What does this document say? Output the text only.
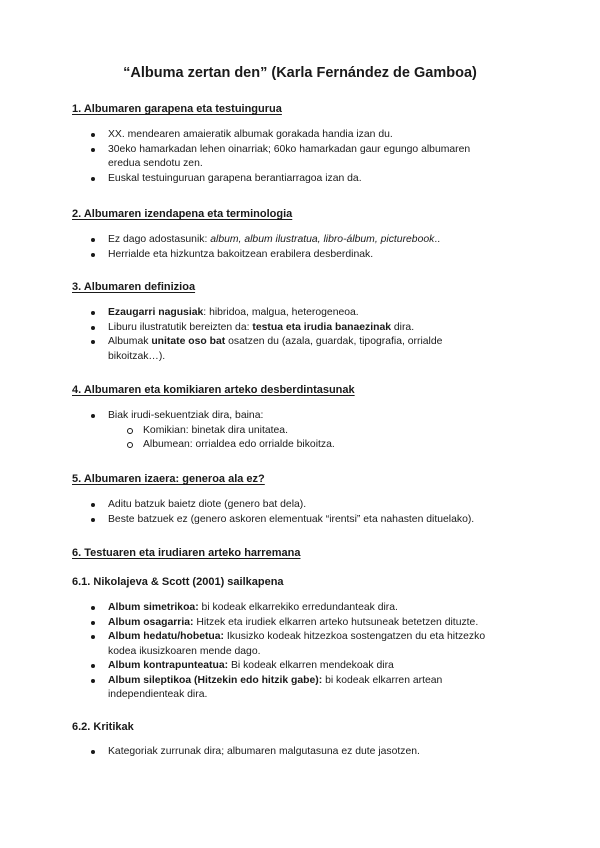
“Albuma zertan den” (Karla Fernández de Gamboa)
1. Albumaren garapena eta testuingurua
XX. mendearen amaieratik albumak gorakada handia izan du.
30eko hamarkadan lehen oinarriak; 60ko hamarkadan gaur egungo albumaren
eredua sendotu zen.
Euskal testuinguruan garapena berantiarragoa izan da.
2. Albumaren izendapena eta terminologia
Ez dago adostasunik: album, album ilustratua, libro-álbum, picturebook..
Herrialde eta hizkuntza bakoitzean erabilera desberdinak.
3. Albumaren definizioa
Ezaugarri nagusiak: hibridoa, malgua, heterogeneoa.
Liburu ilustratutik bereizten da: testua eta irudia banaezinak dira.
Albumak unitate oso bat osatzen du (azala, guardak, tipografia, orrialde
bikoitzak…).
4. Albumaren eta komikiaren arteko desberdintasunak
Biak irudi-sekuentziak dira, baina:
Komikian: binetak dira unitatea.
Albumean: orrialdea edo orrialde bikoitza.
5. Albumaren izaera: generoa ala ez?
Aditu batzuk baietz diote (genero bat dela).
Beste batzuek ez (genero askoren elementuak “irentsi” eta nahasten dituelako).
6. Testuaren eta irudiaren arteko harremana
6.1. Nikolajeva & Scott (2001) sailkapena
Album simetrikoa: bi kodeak elkarrekiko erredundanteak dira.
Album osagarria: Hitzek eta irudiek elkarren arteko hutsuneak betetzen dituzte.
Album hedatu/hobetua: Ikusizko kodeak hitzezkoa sostengatzen du eta hitzezko
kodea ikusizkoaren mende dago.
Album kontrapunteatua: Bi kodeak elkarren mendekoak dira
Album sileptikoa (Hitzekin edo hitzik gabe): bi kodeak elkarren artean
independienteak dira.
6.2. Kritikak
Kategoriak zurrunak dira; albumaren malgutasuna ez dute jasotzen.
